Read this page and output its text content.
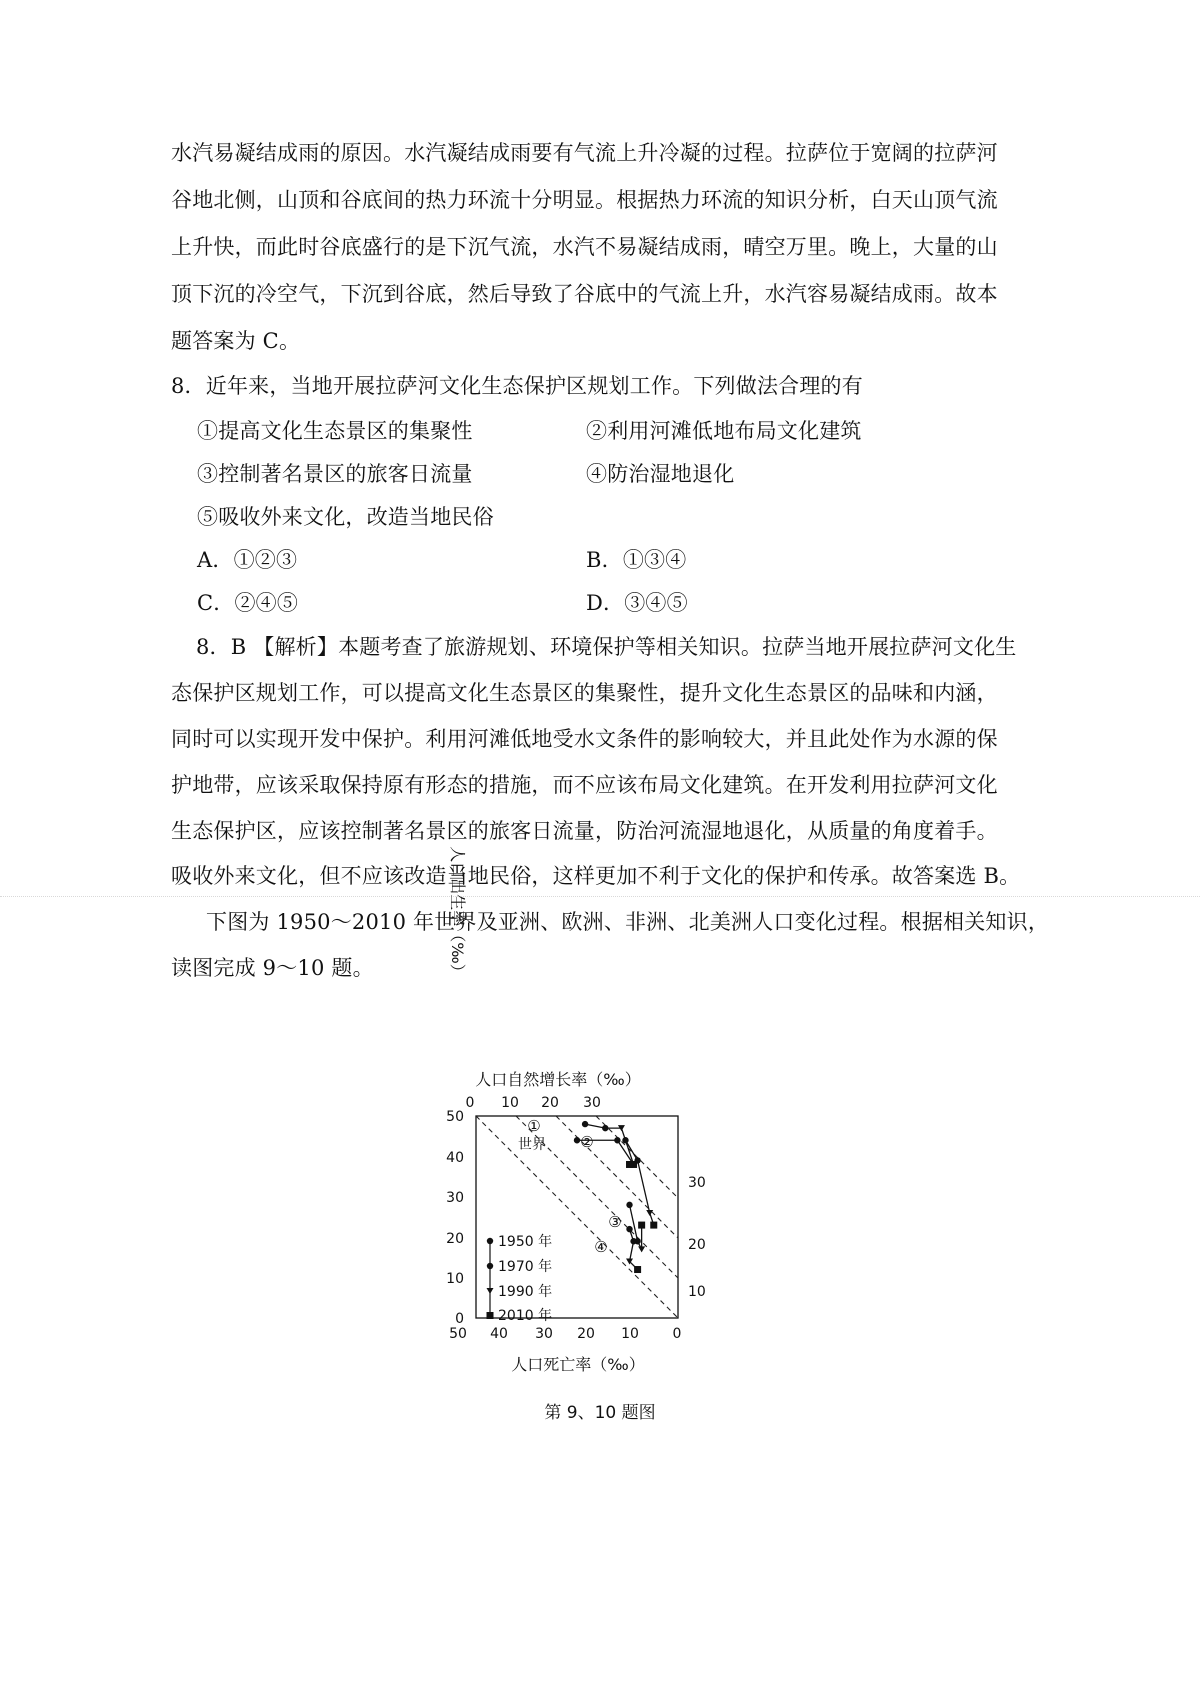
水汽易凝结成雨的原因。水汽凝结成雨要有气流上升冷凝的过程。拉萨位于宽阔的拉萨河
谷地北侧，山顶和谷底间的热力环流十分明显。根据热力环流的知识分析，白天山顶气流
上升快，而此时谷底盛行的是下沉气流，水汽不易凝结成雨，晴空万里。晚上，大量的山
顶下沉的冷空气，下沉到谷底，然后导致了谷底中的气流上升，水汽容易凝结成雨。故本
题答案为 C。
8．近年来，当地开展拉萨河文化生态保护区规划工作。下列做法合理的有
①提高文化生态景区的集聚性	②利用河滩低地布局文化建筑
③控制著名景区的旅客日流量	④防治湿地退化
⑤吸收外来文化，改造当地民俗
A．①②③	B．①③④
C．②④⑤	D．③④⑤
8．B 【解析】本题考查了旅游规划、环境保护等相关知识。拉萨当地开展拉萨河文化生
态保护区规划工作，可以提高文化生态景区的集聚性，提升文化生态景区的品味和内涵，
同时可以实现开发中保护。利用河滩低地受水文条件的影响较大，并且此处作为水源的保
护地带，应该采取保持原有形态的措施，而不应该布局文化建筑。在开发利用拉萨河文化
生态保护区，应该控制著名景区的旅客日流量，防治河流湿地退化，从质量的角度着手。
吸收外来文化，但不应该改造当地民俗，这样更加不利于文化的保护和传承。故答案选 B。
下图为 1950～2010 年世界及亚洲、欧洲、非洲、北美洲人口变化过程。根据相关知识，
读图完成 9～10 题。
人口自然增长率（‰）
0 10 20 30
50
40
30
20
10
0
人口出生率（‰）
50 40 30 20 10 0
人口死亡率（‰）
30
20
10
①
世界 ②
③
④
1950 年
1970 年
1990 年
2010 年
第 9、10 题图
